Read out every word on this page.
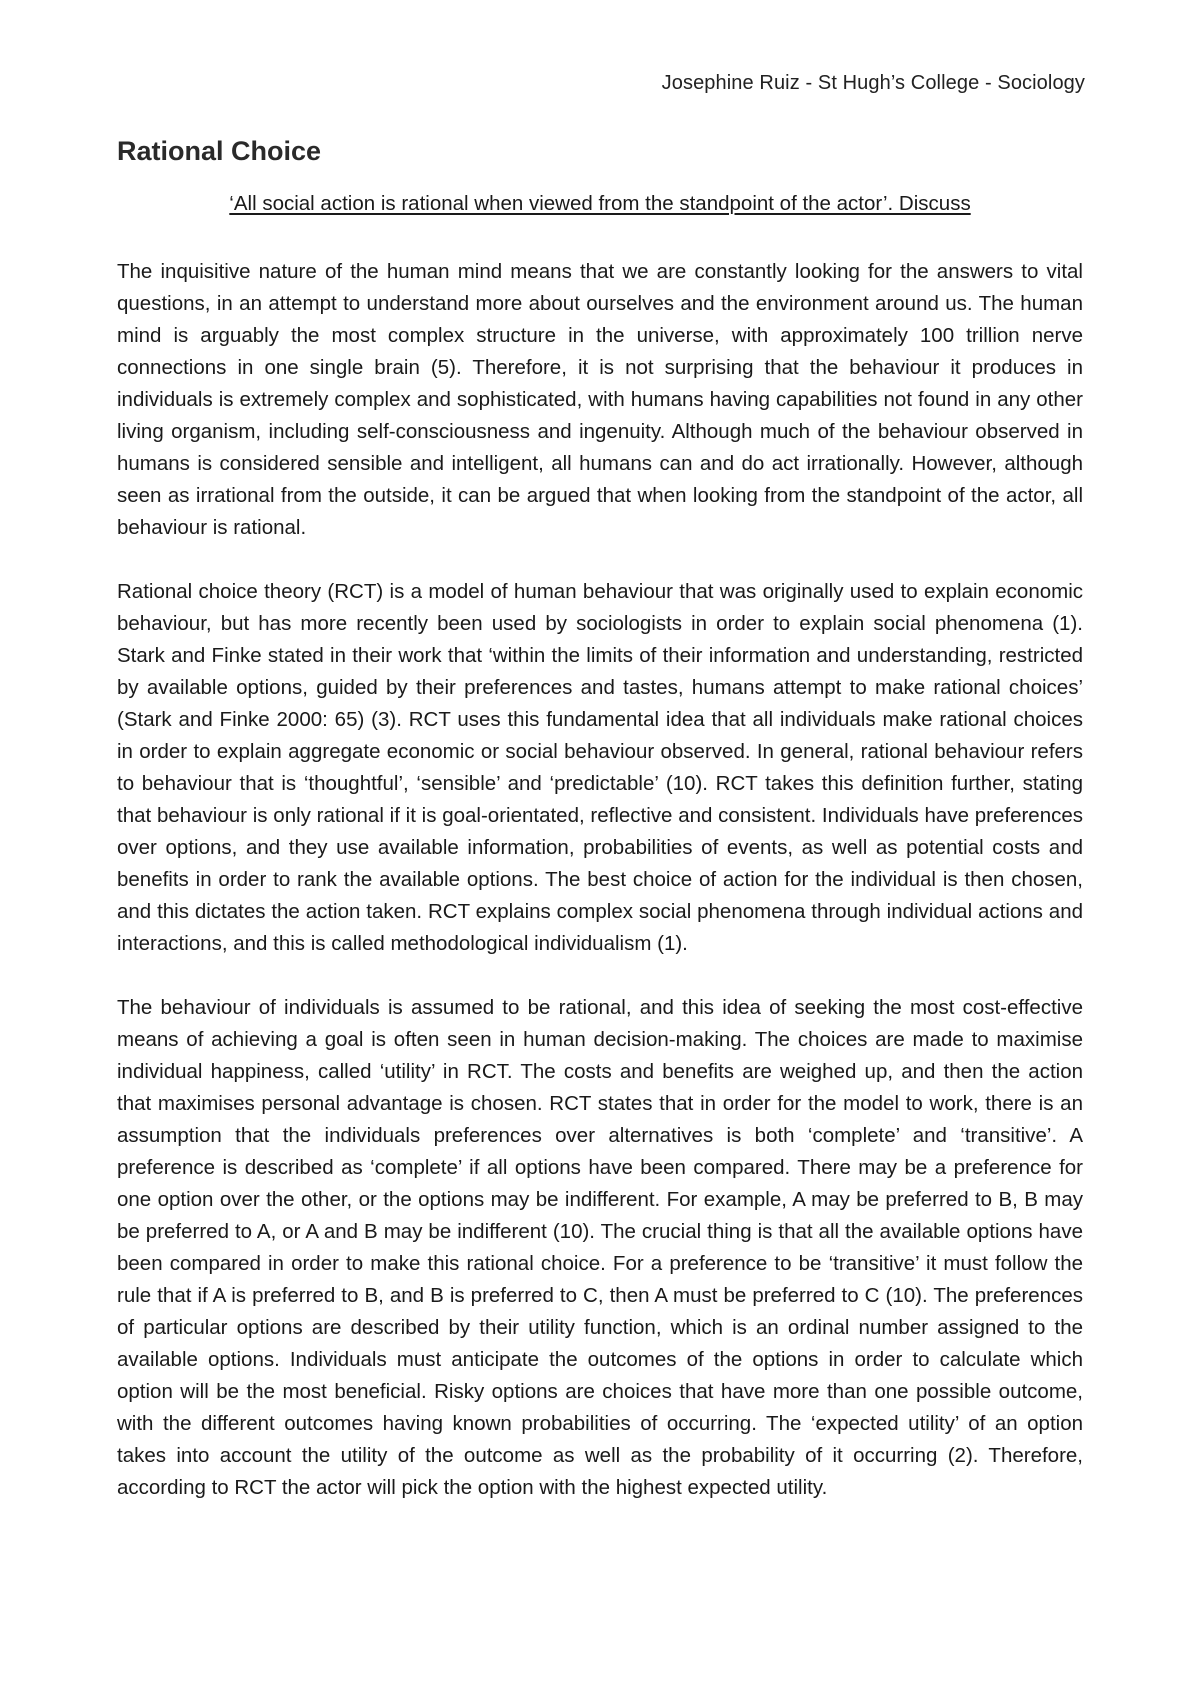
Josephine Ruiz - St Hugh’s College - Sociology
Rational Choice

‘All social action is rational when viewed from the standpoint of the actor’. Discuss

The inquisitive nature of the human mind means that we are constantly looking for the answers to vital questions, in an attempt to understand more about ourselves and the environment around us. The human mind is arguably the most complex structure in the universe, with approximately 100 trillion nerve connections in one single brain (5). Therefore, it is not surprising that the behaviour it produces in individuals is extremely complex and sophisticated, with humans having capabilities not found in any other living organism, including self-consciousness and ingenuity. Although much of the behaviour observed in humans is considered sensible and intelligent, all humans can and do act irrationally. However, although seen as irrational from the outside, it can be argued that when looking from the standpoint of the actor, all behaviour is rational.

Rational choice theory (RCT) is a model of human behaviour that was originally used to explain economic behaviour, but has more recently been used by sociologists in order to explain social phenomena (1). Stark and Finke stated in their work that ‘within the limits of their information and understanding, restricted by available options, guided by their preferences and tastes, humans attempt to make rational choices’ (Stark and Finke 2000: 65) (3). RCT uses this fundamental idea that all individuals make rational choices in order to explain aggregate economic or social behaviour observed. In general, rational behaviour refers to behaviour that is ‘thoughtful’, ‘sensible’ and ‘predictable’ (10). RCT takes this definition further, stating that behaviour is only rational if it is goal-orientated, reflective and consistent. Individuals have preferences over options, and they use available information, probabilities of events, as well as potential costs and benefits in order to rank the available options. The best choice of action for the individual is then chosen, and this dictates the action taken. RCT explains complex social phenomena through individual actions and interactions, and this is called methodological individualism (1).

The behaviour of individuals is assumed to be rational, and this idea of seeking the most cost-effective means of achieving a goal is often seen in human decision-making. The choices are made to maximise individual happiness, called ‘utility’ in RCT. The costs and benefits are weighed up, and then the action that maximises personal advantage is chosen. RCT states that in order for the model to work, there is an assumption that the individuals preferences over alternatives is both ‘complete’ and ‘transitive’. A preference is described as ‘complete’ if all options have been compared. There may be a preference for one option over the other, or the options may be indifferent. For example, A may be preferred to B, B may be preferred to A, or A and B may be indifferent (10). The crucial thing is that all the available options have been compared in order to make this rational choice. For a preference to be ‘transitive’ it must follow the rule that if A is preferred to B, and B is preferred to C, then A must be preferred to C (10). The preferences of particular options are described by their utility function, which is an ordinal number assigned to the available options. Individuals must anticipate the outcomes of the options in order to calculate which option will be the most beneficial. Risky options are choices that have more than one possible outcome, with the different outcomes having known probabilities of occurring. The ‘expected utility’ of an option takes into account the utility of the outcome as well as the probability of it occurring (2). Therefore, according to RCT the actor will pick the option with the highest expected utility.
